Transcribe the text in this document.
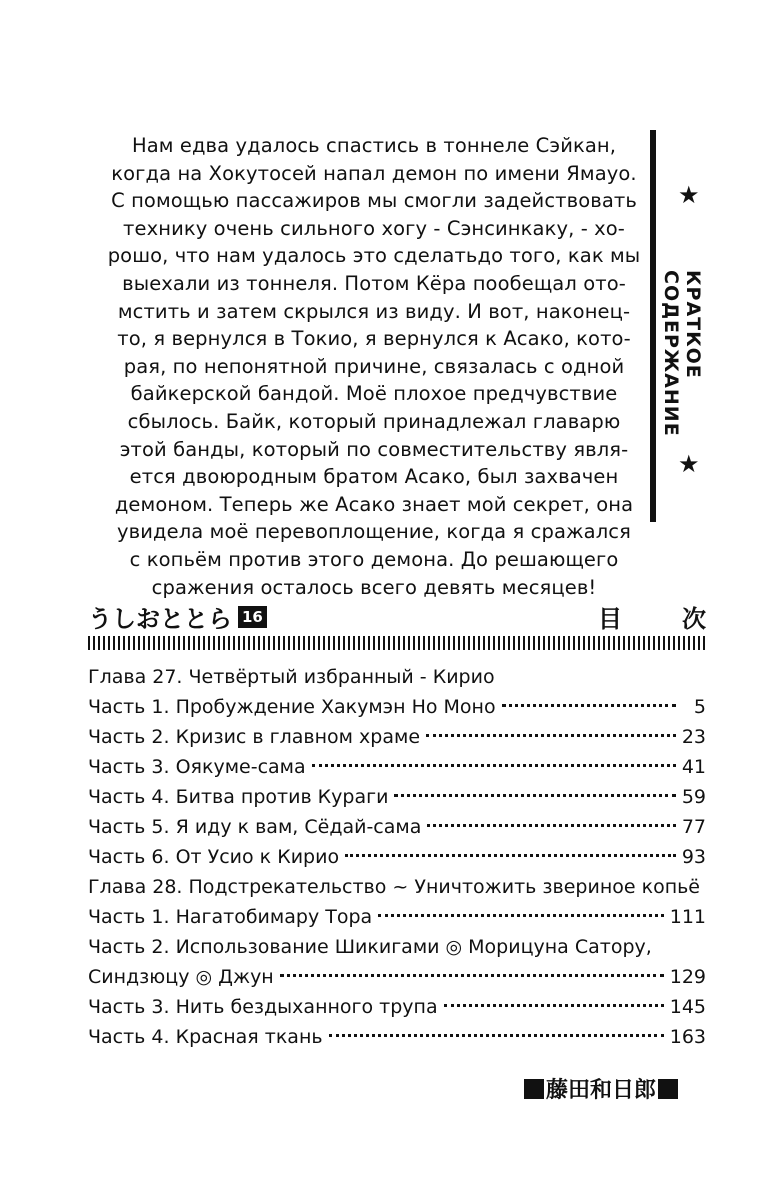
Нам едва удалось спастись в тоннеле Сэйкан,
когда на Хокутосей напал демон по имени Ямауо.
С помощью пассажиров мы смогли задействовать
технику очень сильного хогу - Сэнсинкаку, - хо-
рошо, что нам удалось это сделатьдо того, как мы
выехали из тоннеля. Потом Кёра пообещал ото-
мстить и затем скрылся из виду. И вот, наконец-
то, я вернулся в Токио, я вернулся к Асако, кото-
рая, по непонятной причине, связалась с одной
байкерской бандой. Моё плохое предчувствие
сбылось. Байк, который принадлежал главарю
этой банды, который по совместительству явля-
ется двоюродным братом Асако, был захвачен
демоном. Теперь же Асако знает мой секрет, она
увидела моё перевоплощение, когда я сражался
с копьём против этого демона. До решающего
сражения осталось всего девять месяцев!
★
КРАТКОЕ
СОДЕРЖАНИЕ
★
うしおととら 16	目	次
Глава 27. Четвёртый избранный - Кирио
Часть 1. Пробуждение Хакумэн Но Моно	5
Часть 2. Кризис в главном храме	23
Часть 3. Оякуме-сама	41
Часть 4. Битва против Кураги	59
Часть 5. Я иду к вам, Сёдай-сама	77
Часть 6. От Усио к Кирио	93
Глава 28. Подстрекательство ~ Уничтожить звериное копьё
Часть 1. Нагатобимару Тора	111
Часть 2. Использование Шикигами ◎ Морицуна Сатору,
Синдзюцу ◎ Джун	129
Часть 3. Нить бездыханного трупа	145
Часть 4. Красная ткань	163
藤田和日郎
